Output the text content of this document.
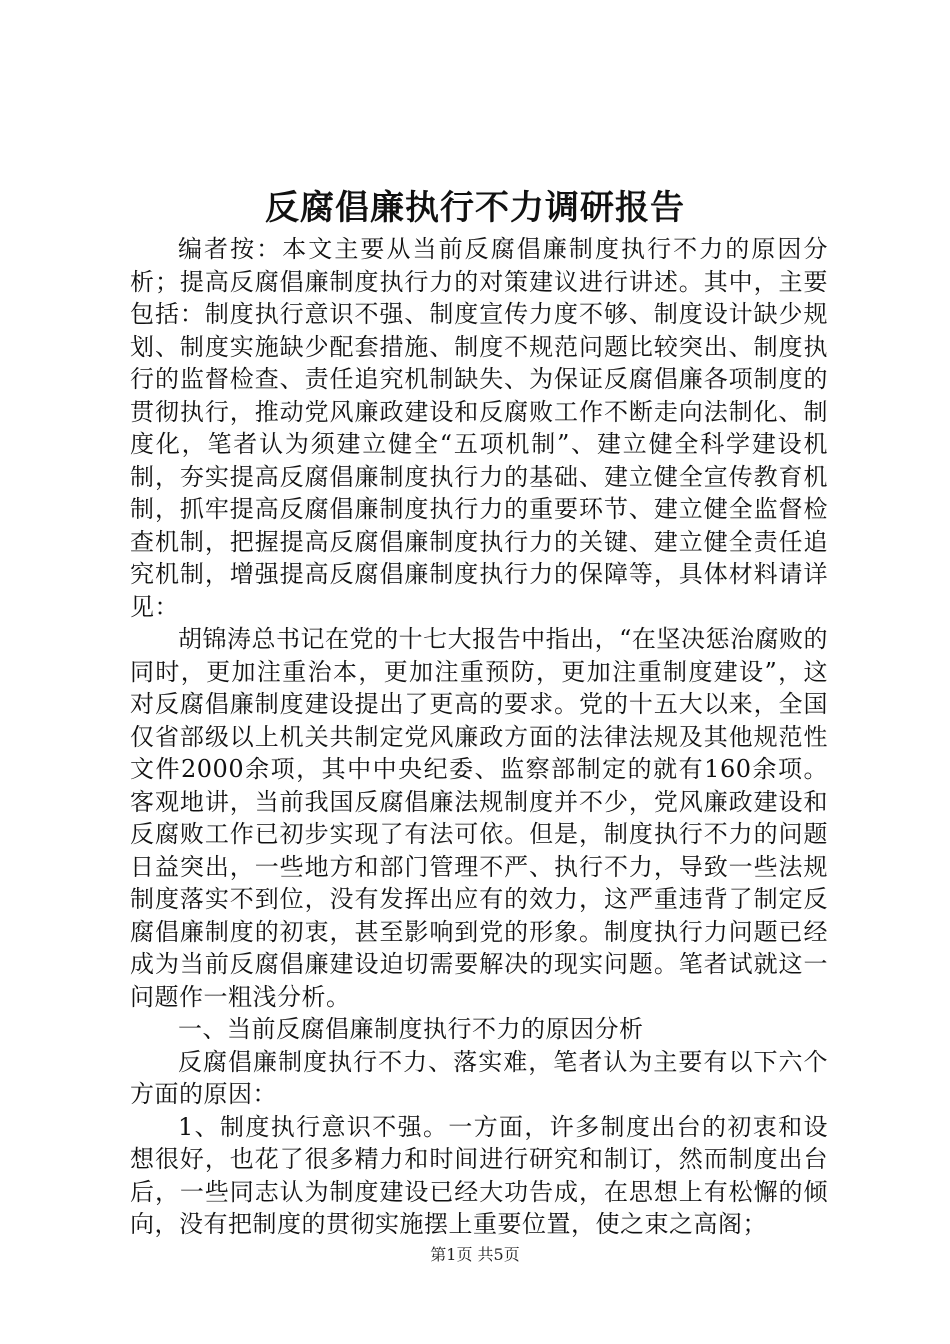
反腐倡廉执行不力调研报告

编者按：本文主要从当前反腐倡廉制度执行不力的原因分析；提高反腐倡廉制度执行力的对策建议进行讲述。其中，主要包括：制度执行意识不强、制度宣传力度不够、制度设计缺少规划、制度实施缺少配套措施、制度不规范问题比较突出、制度执行的监督检查、责任追究机制缺失、为保证反腐倡廉各项制度的贯彻执行，推动党风廉政建设和反腐败工作不断走向法制化、制度化，笔者认为须建立健全“五项机制”、建立健全科学建设机制，夯实提高反腐倡廉制度执行力的基础、建立健全宣传教育机制，抓牢提高反腐倡廉制度执行力的重要环节、建立健全监督检查机制，把握提高反腐倡廉制度执行力的关键、建立健全责任追究机制，增强提高反腐倡廉制度执行力的保障等，具体材料请详见：

胡锦涛总书记在党的十七大报告中指出，“在坚决惩治腐败的同时，更加注重治本，更加注重预防，更加注重制度建设”，这对反腐倡廉制度建设提出了更高的要求。党的十五大以来，全国仅省部级以上机关共制定党风廉政方面的法律法规及其他规范性文件2000余项，其中中央纪委、监察部制定的就有160余项。客观地讲，当前我国反腐倡廉法规制度并不少，党风廉政建设和反腐败工作已初步实现了有法可依。但是，制度执行不力的问题日益突出，一些地方和部门管理不严、执行不力，导致一些法规制度落实不到位，没有发挥出应有的效力，这严重违背了制定反腐倡廉制度的初衷，甚至影响到党的形象。制度执行力问题已经成为当前反腐倡廉建设迫切需要解决的现实问题。笔者试就这一问题作一粗浅分析。

一、当前反腐倡廉制度执行不力的原因分析

反腐倡廉制度执行不力、落实难，笔者认为主要有以下六个方面的原因：

1、制度执行意识不强。一方面，许多制度出台的初衷和设想很好，也花了很多精力和时间进行研究和制订，然而制度出台后，一些同志认为制度建设已经大功告成，在思想上有松懈的倾向，没有把制度的贯彻实施摆上重要位置，使之束之高阁；

第1页 共5页
